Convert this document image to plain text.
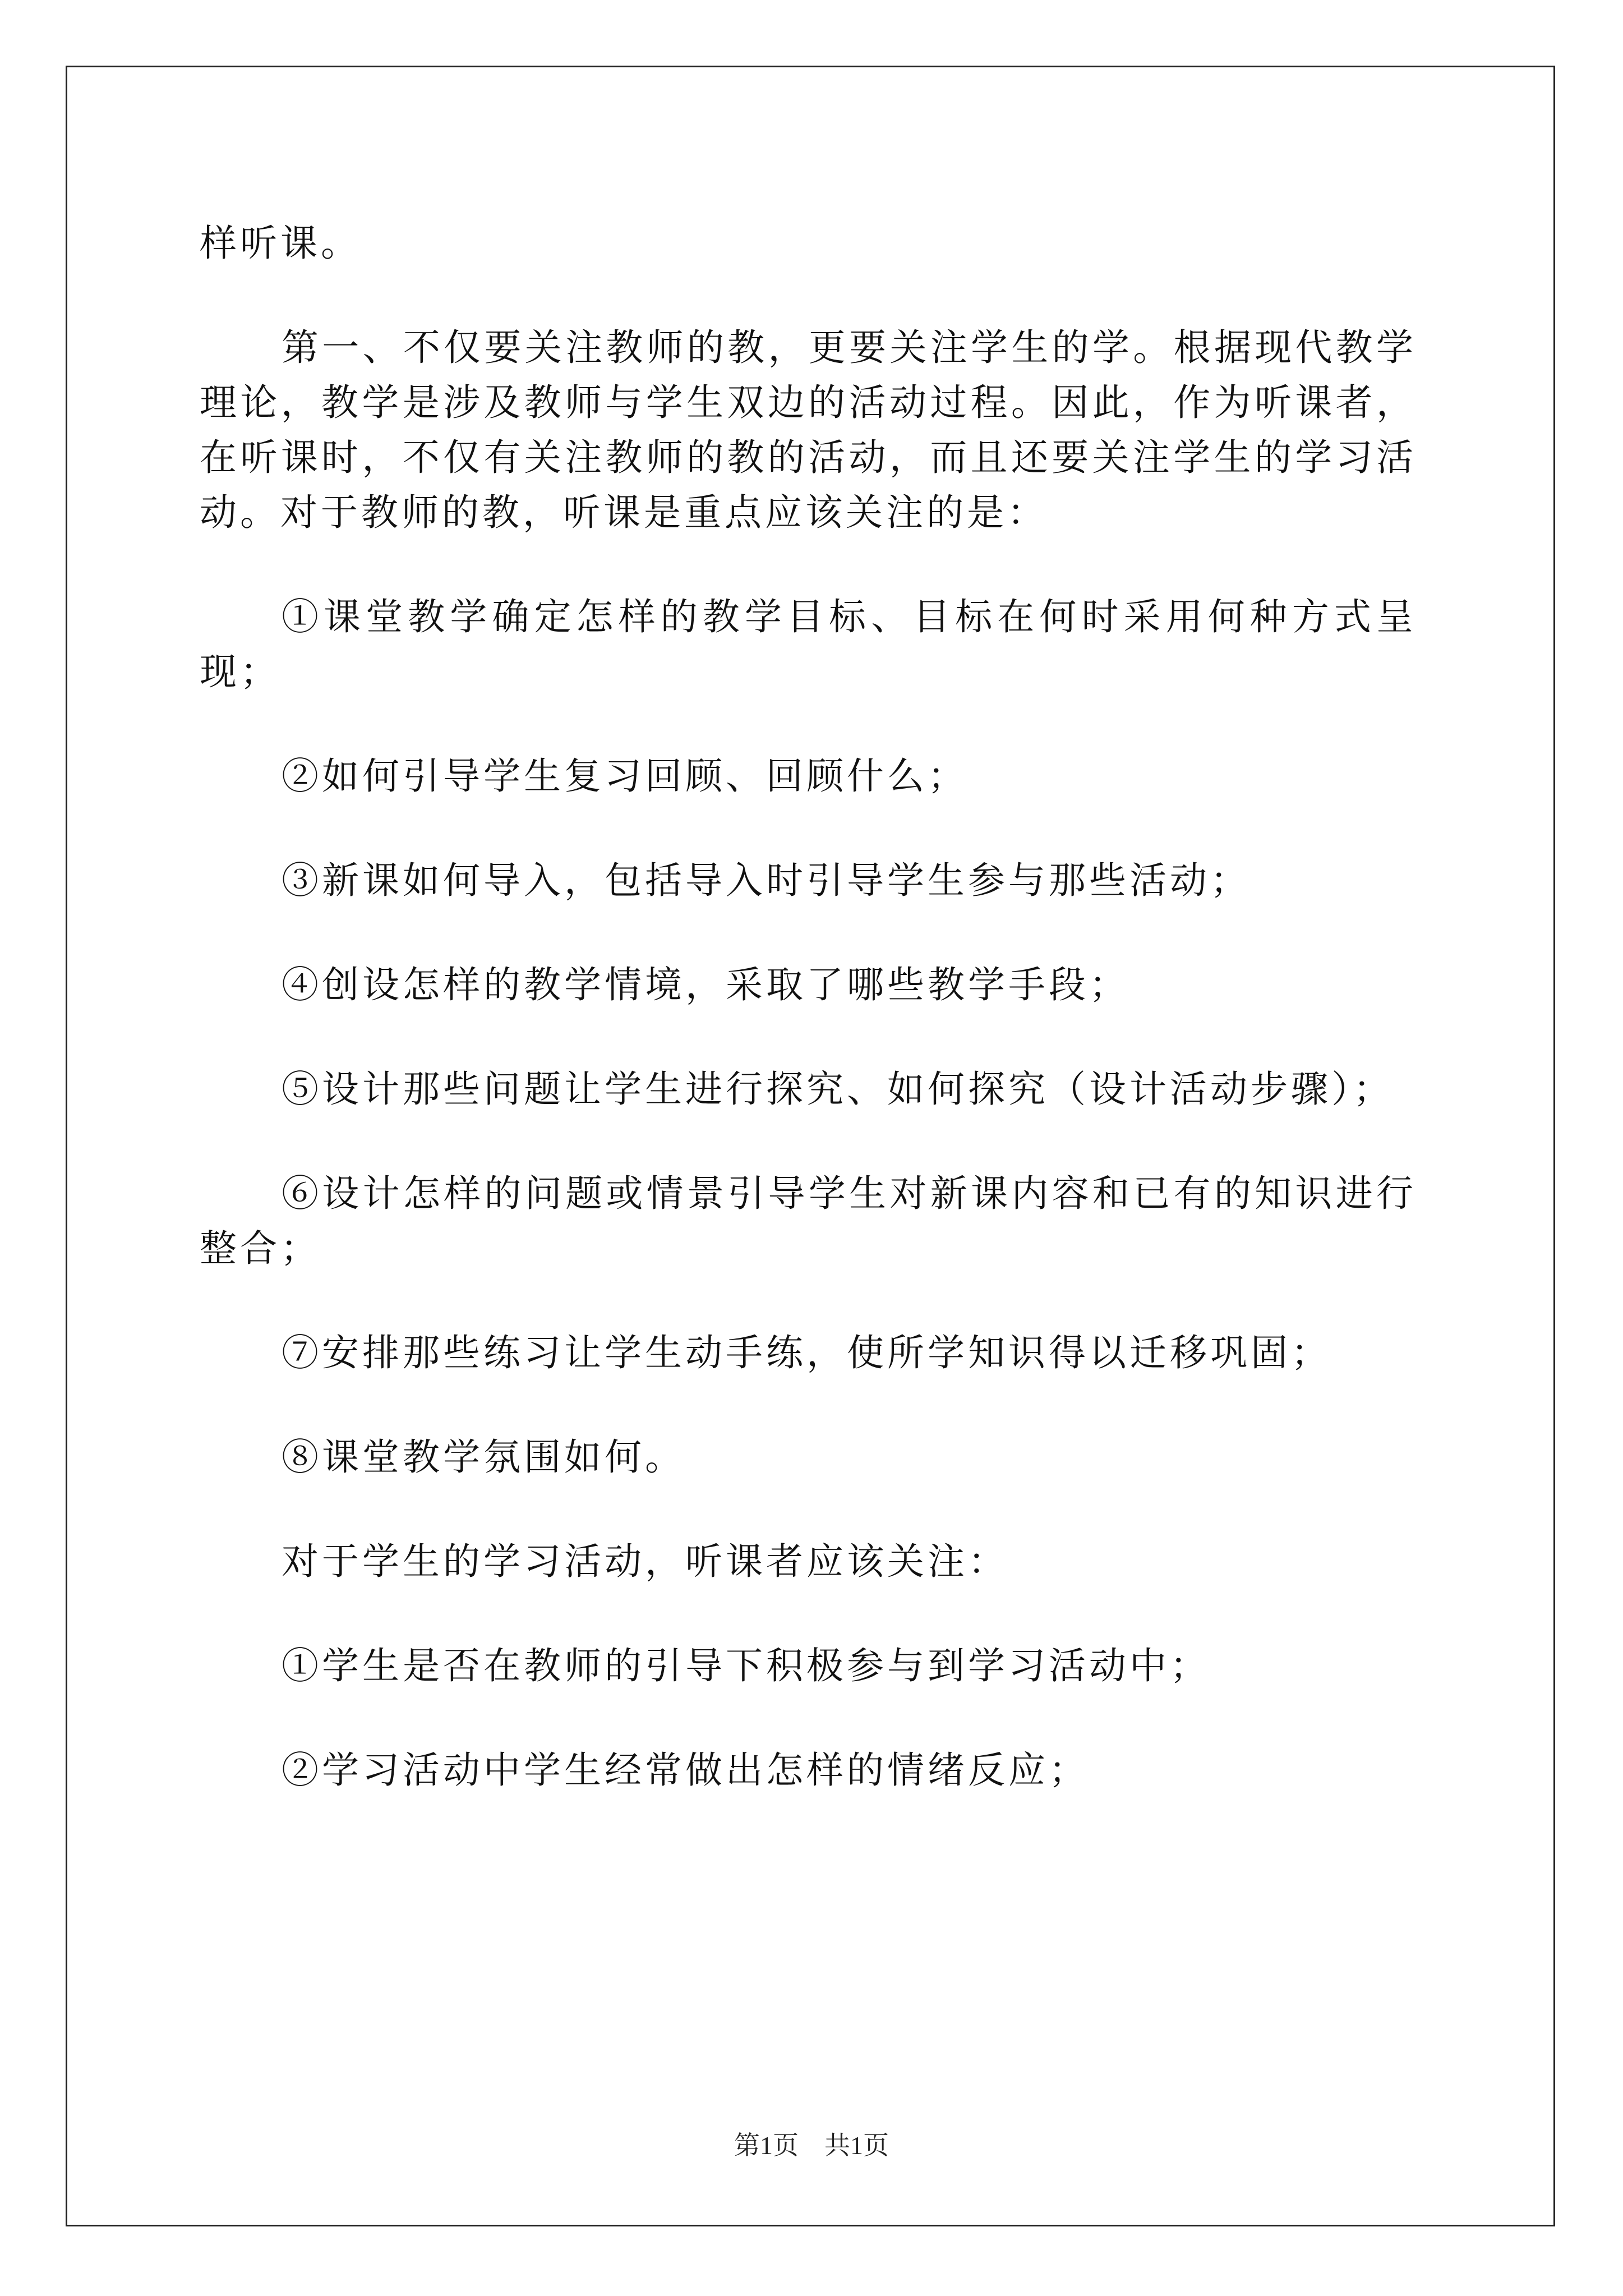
样听课。

第一、不仅要关注教师的教，更要关注学生的学。根据现代教学理论，教学是涉及教师与学生双边的活动过程。因此，作为听课者，在听课时，不仅有关注教师的教的活动，而且还要关注学生的学习活动。对于教师的教，听课是重点应该关注的是：

①课堂教学确定怎样的教学目标、目标在何时采用何种方式呈现；

②如何引导学生复习回顾、回顾什么；

③新课如何导入，包括导入时引导学生参与那些活动；

④创设怎样的教学情境，采取了哪些教学手段；

⑤设计那些问题让学生进行探究、如何探究（设计活动步骤）；

⑥设计怎样的问题或情景引导学生对新课内容和已有的知识进行整合；

⑦安排那些练习让学生动手练，使所学知识得以迁移巩固；

⑧课堂教学氛围如何。

对于学生的学习活动，听课者应该关注：

①学生是否在教师的引导下积极参与到学习活动中；

②学习活动中学生经常做出怎样的情绪反应；

第1页　共1页
